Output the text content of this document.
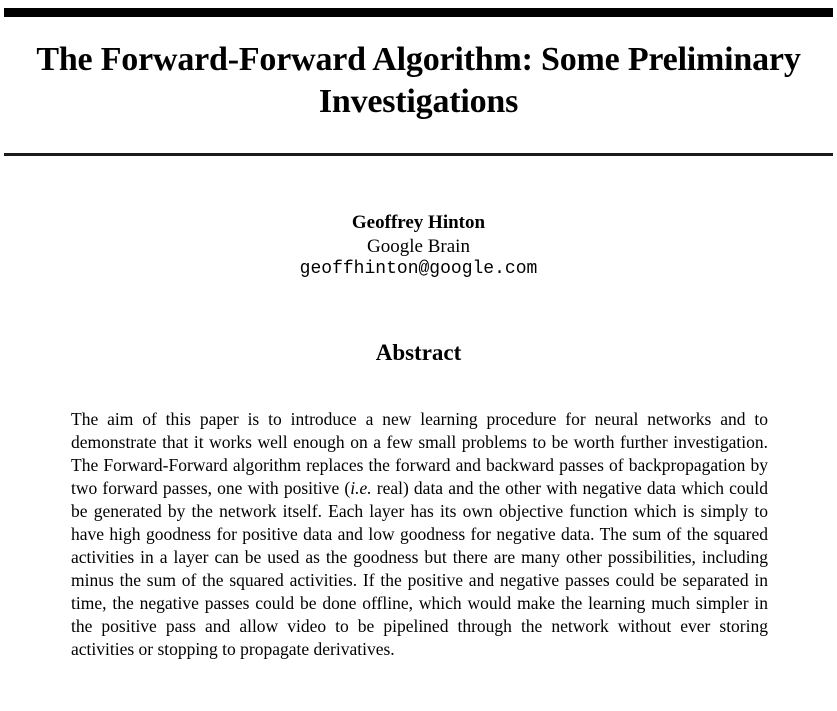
The Forward-Forward Algorithm: Some Preliminary Investigations
Geoffrey Hinton
Google Brain
geoffhinton@google.com
Abstract

The aim of this paper is to introduce a new learning procedure for neural networks and to demonstrate that it works well enough on a few small problems to be worth further investigation. The Forward-Forward algorithm replaces the forward and backward passes of backpropagation by two forward passes, one with positive (i.e. real) data and the other with negative data which could be generated by the network itself. Each layer has its own objective function which is simply to have high goodness for positive data and low goodness for negative data. The sum of the squared activities in a layer can be used as the goodness but there are many other possibilities, including minus the sum of the squared activities. If the positive and negative passes could be separated in time, the negative passes could be done offline, which would make the learning much simpler in the positive pass and allow video to be pipelined through the network without ever storing activities or stopping to propagate derivatives.
